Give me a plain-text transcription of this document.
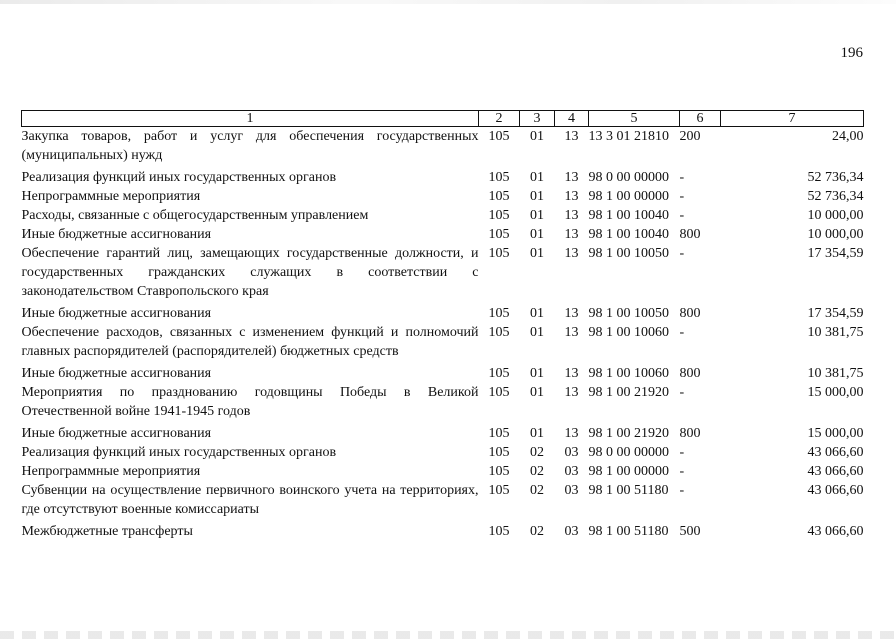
196
1	2	3	4	5	6	7
Закупка товаров, работ и услуг для обеспечения государственных (муниципальных) нужд	105	01	13	13 3 01 21810	200	24,00
Реализация функций иных государственных органов	105	01	13	98 0 00 00000	-	52 736,34
Непрограммные мероприятия	105	01	13	98 1 00 00000	-	52 736,34
Расходы, связанные с общегосударственным управлением	105	01	13	98 1 00 10040	-	10 000,00
Иные бюджетные ассигнования	105	01	13	98 1 00 10040	800	10 000,00
Обеспечение гарантий лиц, замещающих государственные должности, и государственных гражданских служащих в соответствии с законодательством Ставропольского края	105	01	13	98 1 00 10050	-	17 354,59
Иные бюджетные ассигнования	105	01	13	98 1 00 10050	800	17 354,59
Обеспечение расходов, связанных с изменением функций и полномочий главных распорядителей (распорядителей) бюджетных средств	105	01	13	98 1 00 10060	-	10 381,75
Иные бюджетные ассигнования	105	01	13	98 1 00 10060	800	10 381,75
Мероприятия по празднованию годовщины Победы в Великой Отечественной войне 1941-1945 годов	105	01	13	98 1 00 21920	-	15 000,00
Иные бюджетные ассигнования	105	01	13	98 1 00 21920	800	15 000,00
Реализация функций иных государственных органов	105	02	03	98 0 00 00000	-	43 066,60
Непрограммные мероприятия	105	02	03	98 1 00 00000	-	43 066,60
Субвенции на осуществление первичного воинского учета на территориях, где отсутствуют военные комиссариаты	105	02	03	98 1 00 51180	-	43 066,60
Межбюджетные трансферты	105	02	03	98 1 00 51180	500	43 066,60
